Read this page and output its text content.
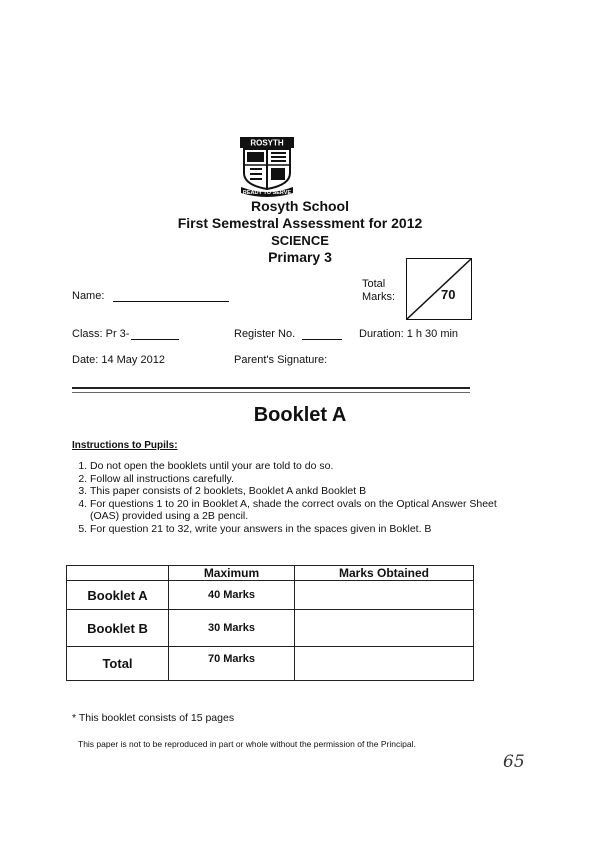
ROSYTH
READY TO SERVE
Rosyth School
First Semestral Assessment for 2012
SCIENCE
Primary 3
Name:
Total
Marks:	70
Class: Pr 3-	Register No.	Duration: 1 h 30 min
Date: 14 May 2012	Parent's Signature:
Booklet A
Instructions to Pupils:
1. Do not open the booklets until your are told to do so.
2. Follow all instructions carefully.
3. This paper consists of 2 booklets, Booklet A ankd Booklet B
4. For questions 1 to 20 in Booklet A, shade the correct ovals on the Optical Answer Sheet (OAS) provided using a 2B pencil.
5. For question 21 to 32, write your answers in the spaces given in Boklet. B
	Maximum	Marks Obtained
Booklet A	40 Marks	
Booklet B	30 Marks	
Total	70 Marks	
* This booklet consists of 15 pages
This paper is not to be reproduced in part or whole without the permission of the Principal.
65
